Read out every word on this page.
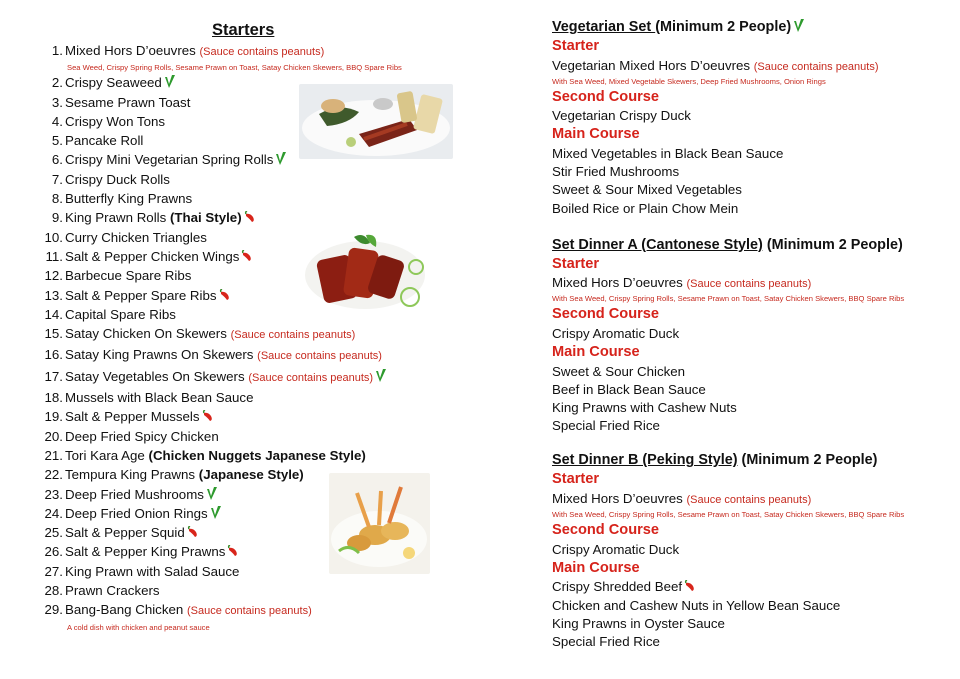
Starters
1. Mixed Hors D’oeuvres (Sauce contains peanuts)
Sea Weed, Crispy Spring Rolls, Sesame Prawn on Toast, Satay Chicken Skewers, BBQ Spare Ribs
2. Crispy Seaweed
3. Sesame Prawn Toast
4. Crispy Won Tons
5. Pancake Roll
6. Crispy Mini Vegetarian Spring Rolls
7. Crispy Duck Rolls
8. Butterfly King Prawns
9. King Prawn Rolls (Thai Style)
10. Curry Chicken Triangles
11. Salt & Pepper Chicken Wings
12. Barbecue Spare Ribs
13. Salt & Pepper Spare Ribs
14. Capital Spare Ribs
15. Satay Chicken On Skewers (Sauce contains peanuts)
16. Satay King Prawns On Skewers (Sauce contains peanuts)
17. Satay Vegetables On Skewers (Sauce contains peanuts)
18. Mussels with Black Bean Sauce
19. Salt & Pepper Mussels
20. Deep Fried Spicy Chicken
21. Tori Kara Age (Chicken Nuggets Japanese Style)
22. Tempura King Prawns (Japanese Style)
23. Deep Fried Mushrooms
24. Deep Fried Onion Rings
25. Salt & Pepper Squid
26. Salt & Pepper King Prawns
27. King Prawn with Salad Sauce
28. Prawn Crackers
29. Bang-Bang Chicken (Sauce contains peanuts)
A cold dish with chicken and peanut sauce

Vegetarian Set (Minimum 2 People)

Starter

Vegetarian Mixed Hors D’oeuvres (Sauce contains peanuts)

With Sea Weed, Mixed Vegetable Skewers, Deep Fried Mushrooms, Onion Rings
Second Course

Vegetarian Crispy Duck

Main Course

Mixed Vegetables in Black Bean Sauce

Stir Fried Mushrooms

Sweet & Sour Mixed Vegetables

Boiled Rice or Plain Chow Mein

Set Dinner A (Cantonese Style) (Minimum 2 People)

Starter

Mixed Hors D’oeuvres (Sauce contains peanuts)

With Sea Weed, Crispy Spring Rolls, Sesame Prawn on Toast, Satay Chicken Skewers, BBQ Spare Ribs
Second Course

Crispy Aromatic Duck

Main Course

Sweet & Sour Chicken

Beef in Black Bean Sauce

King Prawns with Cashew Nuts

Special Fried Rice

Set Dinner B (Peking Style) (Minimum 2 People)

Starter

Mixed Hors D’oeuvres (Sauce contains peanuts)

With Sea Weed, Crispy Spring Rolls, Sesame Prawn on Toast, Satay Chicken Skewers, BBQ Spare Ribs
Second Course

Crispy Aromatic Duck

Main Course

Crispy Shredded Beef

Chicken and Cashew Nuts in Yellow Bean Sauce

King Prawns in Oyster Sauce

Special Fried Rice
